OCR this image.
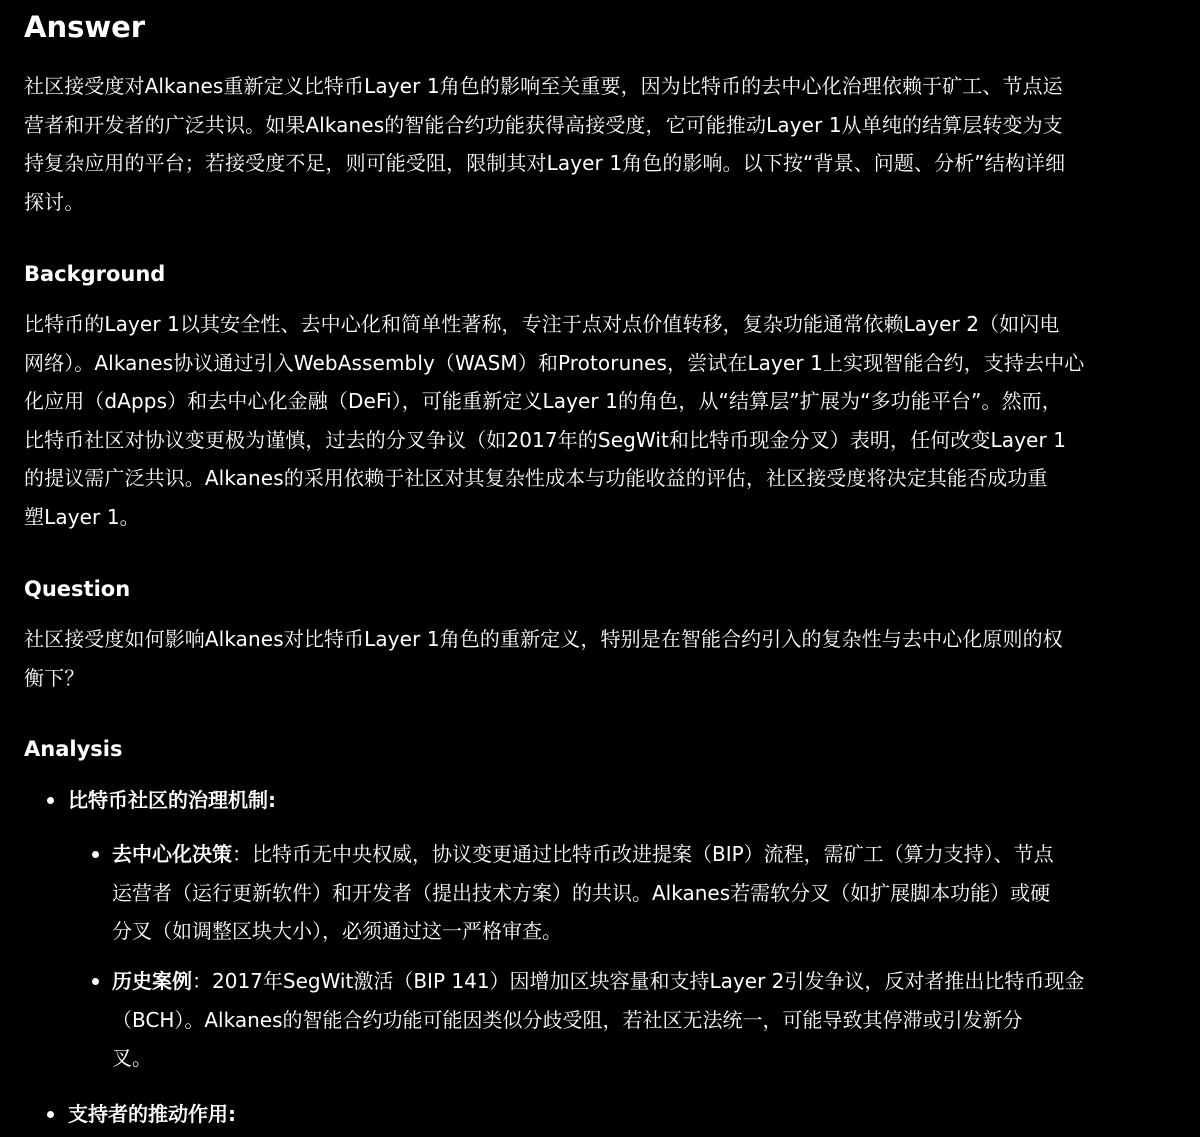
Answer
社区接受度对Alkanes重新定义比特币Layer 1角色的影响至关重要，因为比特币的去中心化治理依赖于矿工、节点运
营者和开发者的广泛共识。如果Alkanes的智能合约功能获得高接受度，它可能推动Layer 1从单纯的结算层转变为支
持复杂应用的平台；若接受度不足，则可能受阻，限制其对Layer 1角色的影响。以下按“背景、问题、分析”结构详细
探讨。
Background
比特币的Layer 1以其安全性、去中心化和简单性著称，专注于点对点价值转移，复杂功能通常依赖Layer 2（如闪电
网络）。Alkanes协议通过引入WebAssembly（WASM）和Protorunes，尝试在Layer 1上实现智能合约，支持去中心
化应用（dApps）和去中心化金融（DeFi），可能重新定义Layer 1的角色，从“结算层”扩展为“多功能平台”。然而，
比特币社区对协议变更极为谨慎，过去的分叉争议（如2017年的SegWit和比特币现金分叉）表明，任何改变Layer 1
的提议需广泛共识。Alkanes的采用依赖于社区对其复杂性成本与功能收益的评估，社区接受度将决定其能否成功重
塑Layer 1。
Question
社区接受度如何影响Alkanes对比特币Layer 1角色的重新定义，特别是在智能合约引入的复杂性与去中心化原则的权
衡下？
Analysis
比特币社区的治理机制:
去中心化决策：比特币无中央权威，协议变更通过比特币改进提案（BIP）流程，需矿工（算力支持）、节点
运营者（运行更新软件）和开发者（提出技术方案）的共识。Alkanes若需软分叉（如扩展脚本功能）或硬
分叉（如调整区块大小），必须通过这一严格审查。
历史案例：2017年SegWit激活（BIP 141）因增加区块容量和支持Layer 2引发争议，反对者推出比特币现金
（BCH）。Alkanes的智能合约功能可能因类似分歧受阻，若社区无法统一，可能导致其停滞或引发新分
叉。
支持者的推动作用:
